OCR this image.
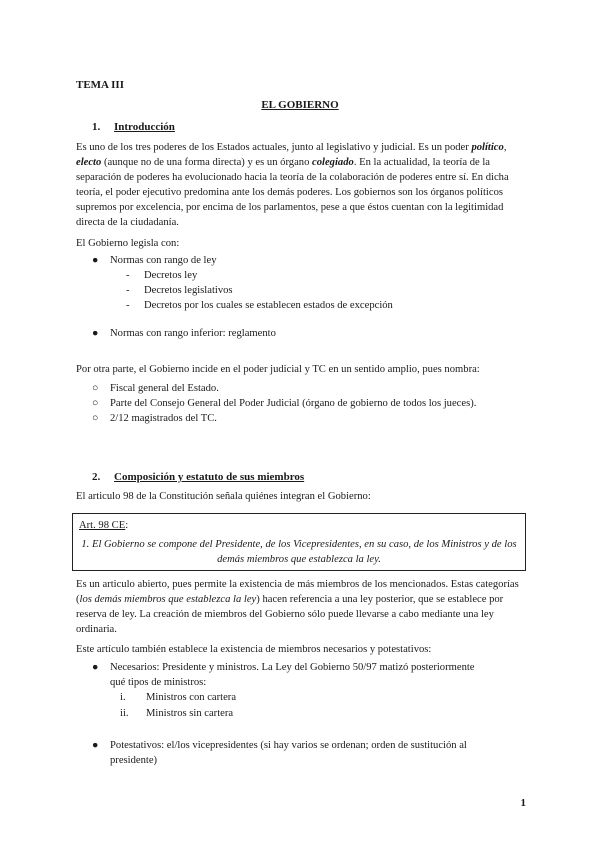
TEMA III
EL GOBIERNO
1. Introducción
Es uno de los tres poderes de los Estados actuales, junto al legislativo y judicial. Es un poder político, electo (aunque no de una forma directa) y es un órgano colegiado. En la actualidad, la teoría de la separación de poderes ha evolucionado hacia la teoría de la colaboración de poderes entre sí. En dicha teoría, el poder ejecutivo predomina ante los demás poderes. Los gobiernos son los órganos políticos supremos por excelencia, por encima de los parlamentos, pese a que éstos cuentan con la legitimidad directa de la ciudadanía.
El Gobierno legisla con:
●	Normas con rango de ley
- Decretos ley
- Decretos legislativos
- Decretos por los cuales se establecen estados de excepción
●	Normas con rango inferior: reglamento
Por otra parte, el Gobierno incide en el poder judicial y TC en un sentido amplio, pues nombra:
○	Fiscal general del Estado.
○	Parte del Consejo General del Poder Judicial (órgano de gobierno de todos los jueces).
○	2/12 magistrados del TC.
2. Composición y estatuto de sus miembros
El articulo 98 de la Constitución señala quiénes integran el Gobierno:
Art. 98 CE :
1. El Gobierno se compone del Presidente, de los Vicepresidentes, en su caso, de los Ministros y de los demás miembros que establezca la ley.
Es un articulo abierto, pues permite la existencia de más miembros de los mencionados. Estas categorías (los demás miembros que establezca la ley) hacen referencia a una ley posterior, que se establece por reserva de ley. La creación de miembros del Gobierno sólo puede llevarse a cabo mediante una ley ordinaria.
Este artículo también establece la existencia de miembros necesarios y potestativos:
●	Necesarios: Presidente y ministros. La Ley del Gobierno 50/97 matizó posteriormente
qué tipos de ministros:
i.	Ministros con cartera
ii.	Ministros sin cartera
●	Potestativos: el/los vicepresidentes (si hay varios se ordenan; orden de sustitución al
presidente)
1
